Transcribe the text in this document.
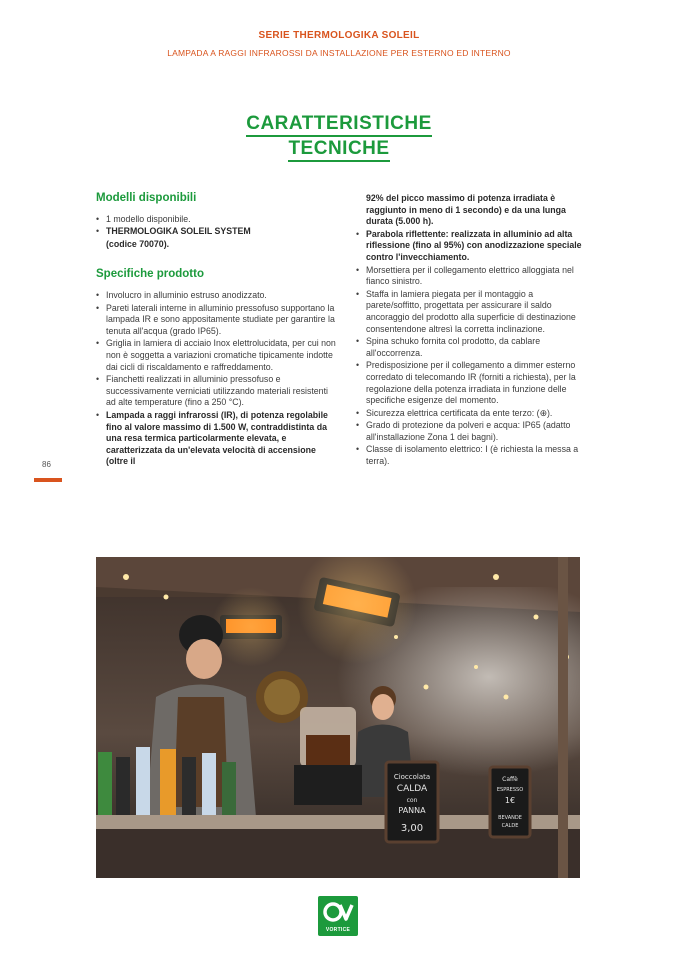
SERIE THERMOLOGIKA SOLEIL
LAMPADA A RAGGI INFRAROSSI DA INSTALLAZIONE PER ESTERNO ED INTERNO
CARATTERISTICHE
TECNICHE
Modelli disponibili
• 1 modello disponibile.
• THERMOLOGIKA SOLEIL SYSTEM
(codice 70070).
Specifiche prodotto
• Involucro in alluminio estruso anodizzato.
• Pareti laterali interne in alluminio pressofuso supportano la lampada IR e sono appositamente studiate per garantire la tenuta all'acqua (grado IP65).
• Griglia in lamiera di acciaio Inox elettrolucidata, per cui non non è soggetta a variazioni cromatiche tipicamente indotte dai cicli di riscaldamento e raffreddamento.
• Fianchetti realizzati in alluminio pressofuso e successivamente verniciati utilizzando materiali resistenti ad alte temperature (fino a 250 °C).
• Lampada a raggi infrarossi (IR), di potenza regolabile fino al valore massimo di 1.500 W, contraddistinta da una resa termica particolarmente elevata, e caratterizzata da un'elevata velocità di accensione (oltre il
92% del picco massimo di potenza irradiata è raggiunto in meno di 1 secondo) e da una lunga durata (5.000 h).
• Parabola riflettente: realizzata in alluminio ad alta riflessione (fino al 95%) con anodizzazione speciale contro l'invecchiamento.
• Morsettiera per il collegamento elettrico alloggiata nel fianco sinistro.
• Staffa in lamiera piegata per il montaggio a parete/soffitto, progettata per assicurare il saldo ancoraggio del prodotto alla superficie di destinazione consentendone altresì la corretta inclinazione.
• Spina schuko fornita col prodotto, da cablare all'occorrenza.
• Predisposizione per il collegamento a dimmer esterno corredato di telecomando IR (forniti a richiesta), per la regolazione della potenza irradiata in funzione delle specifiche esigenze del momento.
• Sicurezza elettrica certificata da ente terzo: (⊕).
• Grado di protezione da polveri e acqua: IP65 (adatto all'installazione Zona 1 dei bagni).
• Classe di isolamento elettrico: I (è richiesta la messa a terra).
86
Cioccolata
CALDA
con
PANNA
3,00
Caffè
ESPRESSO
1€
BEVANDE
CALDE
VORTICE
